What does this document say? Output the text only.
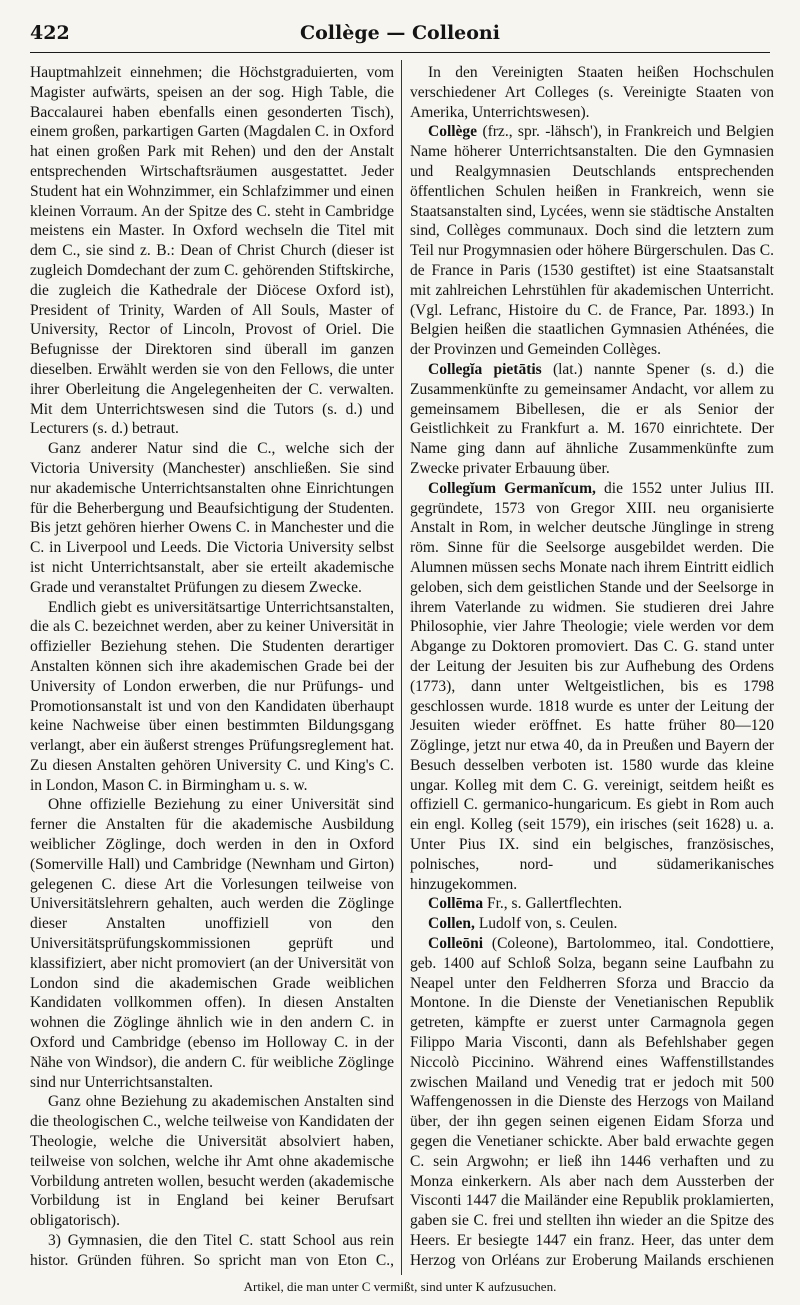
422	Collège — Colleoni

Hauptmahlzeit einnehmen; die Höchstgraduierten, vom Magister aufwärts, speisen an der sog. High Table, die Baccalaurei haben ebenfalls einen gesonderten Tisch), einem großen, parkartigen Garten (Magdalen C. in Oxford hat einen großen Park mit Rehen) und den der Anstalt entsprechenden Wirtschaftsräumen ausgestattet. Jeder Student hat ein Wohnzimmer, ein Schlafzimmer und einen kleinen Vorraum. An der Spitze des C. steht in Cambridge meistens ein Master. In Oxford wechseln die Titel mit dem C., sie sind z. B.: Dean of Christ Church (dieser ist zugleich Domdechant der zum C. gehörenden Stiftskirche, die zugleich die Kathedrale der Diöcese Oxford ist), President of Trinity, Warden of All Souls, Master of University, Rector of Lincoln, Provost of Oriel. Die Befugnisse der Direktoren sind überall im ganzen dieselben. Erwählt werden sie von den Fellows, die unter ihrer Oberleitung die Angelegenheiten der C. verwalten. Mit dem Unterrichtswesen sind die Tutors (s. d.) und Lecturers (s. d.) betraut.

Ganz anderer Natur sind die C., welche sich der Victoria University (Manchester) anschließen. Sie sind nur akademische Unterrichtsanstalten ohne Einrichtungen für die Beherbergung und Beaufsichtigung der Studenten. Bis jetzt gehören hierher Owens C. in Manchester und die C. in Liverpool und Leeds. Die Victoria University selbst ist nicht Unterrichtsanstalt, aber sie erteilt akademische Grade und veranstaltet Prüfungen zu diesem Zwecke.

Endlich giebt es universitätsartige Unterrichtsanstalten, die als C. bezeichnet werden, aber zu keiner Universität in offizieller Beziehung stehen. Die Studenten derartiger Anstalten können sich ihre akademischen Grade bei der University of London erwerben, die nur Prüfungs- und Promotionsanstalt ist und von den Kandidaten überhaupt keine Nachweise über einen bestimmten Bildungsgang verlangt, aber ein äußerst strenges Prüfungsreglement hat. Zu diesen Anstalten gehören University C. und King's C. in London, Mason C. in Birmingham u. s. w.

Ohne offizielle Beziehung zu einer Universität sind ferner die Anstalten für die akademische Ausbildung weiblicher Zöglinge, doch werden in den in Oxford (Somerville Hall) und Cambridge (Newnham und Girton) gelegenen C. diese Art die Vorlesungen teilweise von Universitätslehrern gehalten, auch werden die Zöglinge dieser Anstalten unoffiziell von den Universitätsprüfungskommissionen geprüft und klassifiziert, aber nicht promoviert (an der Universität von London sind die akademischen Grade weiblichen Kandidaten vollkommen offen). In diesen Anstalten wohnen die Zöglinge ähnlich wie in den andern C. in Oxford und Cambridge (ebenso im Holloway C. in der Nähe von Windsor), die andern C. für weibliche Zöglinge sind nur Unterrichtsanstalten.

Ganz ohne Beziehung zu akademischen Anstalten sind die theologischen C., welche teilweise von Kandidaten der Theologie, welche die Universität absolviert haben, teilweise von solchen, welche ihr Amt ohne akademische Vorbildung antreten wollen, besucht werden (akademische Vorbildung ist in England bei keiner Berufsart obligatorisch).

3) Gymnasien, die den Titel C. statt School aus rein histor. Gründen führen. So spricht man von Eton C.,

In den Vereinigten Staaten heißen Hochschulen verschiedener Art Colleges (s. Vereinigte Staaten von Amerika, Unterrichtswesen).

Collège (frz., spr. -lähsch'), in Frankreich und Belgien Name höherer Unterrichtsanstalten. Die den Gymnasien und Realgymnasien Deutschlands entsprechenden öffentlichen Schulen heißen in Frankreich, wenn sie Staatsanstalten sind, Lycées, wenn sie städtische Anstalten sind, Collèges communaux. Doch sind die letztern zum Teil nur Progymnasien oder höhere Bürgerschulen. Das C. de France in Paris (1530 gestiftet) ist eine Staatsanstalt mit zahlreichen Lehrstühlen für akademischen Unterricht. (Vgl. Lefranc, Histoire du C. de France, Par. 1893.) In Belgien heißen die staatlichen Gymnasien Athénées, die der Provinzen und Gemeinden Collèges.

Collegĭa pietātis (lat.) nannte Spener (s. d.) die Zusammenkünfte zu gemeinsamer Andacht, vor allem zu gemeinsamem Bibellesen, die er als Senior der Geistlichkeit zu Frankfurt a. M. 1670 einrichtete. Der Name ging dann auf ähnliche Zusammenkünfte zum Zwecke privater Erbauung über.

Collegĭum Germanĭcum, die 1552 unter Julius III. gegründete, 1573 von Gregor XIII. neu organisierte Anstalt in Rom, in welcher deutsche Jünglinge in streng röm. Sinne für die Seelsorge ausgebildet werden. Die Alumnen müssen sechs Monate nach ihrem Eintritt eidlich geloben, sich dem geistlichen Stande und der Seelsorge in ihrem Vaterlande zu widmen. Sie studieren drei Jahre Philosophie, vier Jahre Theologie; viele werden vor dem Abgange zu Doktoren promoviert. Das C. G. stand unter der Leitung der Jesuiten bis zur Aufhebung des Ordens (1773), dann unter Weltgeistlichen, bis es 1798 geschlossen wurde. 1818 wurde es unter der Leitung der Jesuiten wieder eröffnet. Es hatte früher 80—120 Zöglinge, jetzt nur etwa 40, da in Preußen und Bayern der Besuch desselben verboten ist. 1580 wurde das kleine ungar. Kolleg mit dem C. G. vereinigt, seitdem heißt es offiziell C. germanico-hungaricum. Es giebt in Rom auch ein engl. Kolleg (seit 1579), ein irisches (seit 1628) u. a. Unter Pius IX. sind ein belgisches, französisches, polnisches, nord- und südamerikanisches hinzugekommen.

Collēma Fr., s. Gallertflechten.

Collen, Ludolf von, s. Ceulen.

Colleōni (Coleone), Bartolommeo, ital. Condottiere, geb. 1400 auf Schloß Solza, begann seine Laufbahn zu Neapel unter den Feldherren Sforza und Braccio da Montone. In die Dienste der Venetianischen Republik getreten, kämpfte er zuerst unter Carmagnola gegen Filippo Maria Visconti, dann als Befehlshaber gegen Niccolò Piccinino. Während eines Waffenstillstandes zwischen Mailand und Venedig trat er jedoch mit 500 Waffengenossen in die Dienste des Herzogs von Mailand über, der ihn gegen seinen eigenen Eidam Sforza und gegen die Venetianer schickte. Aber bald erwachte gegen C. sein Argwohn; er ließ ihn 1446 verhaften und zu Monza einkerkern. Als aber nach dem Aussterben der Visconti 1447 die Mailänder eine Republik proklamierten, gaben sie C. frei und stellten ihn wieder an die Spitze des Heers. Er besiegte 1447 ein franz. Heer, das unter dem Herzog von Orléans zur Eroberung Mailands erschienen

Artikel, die man unter C vermißt, sind unter K aufzusuchen.
